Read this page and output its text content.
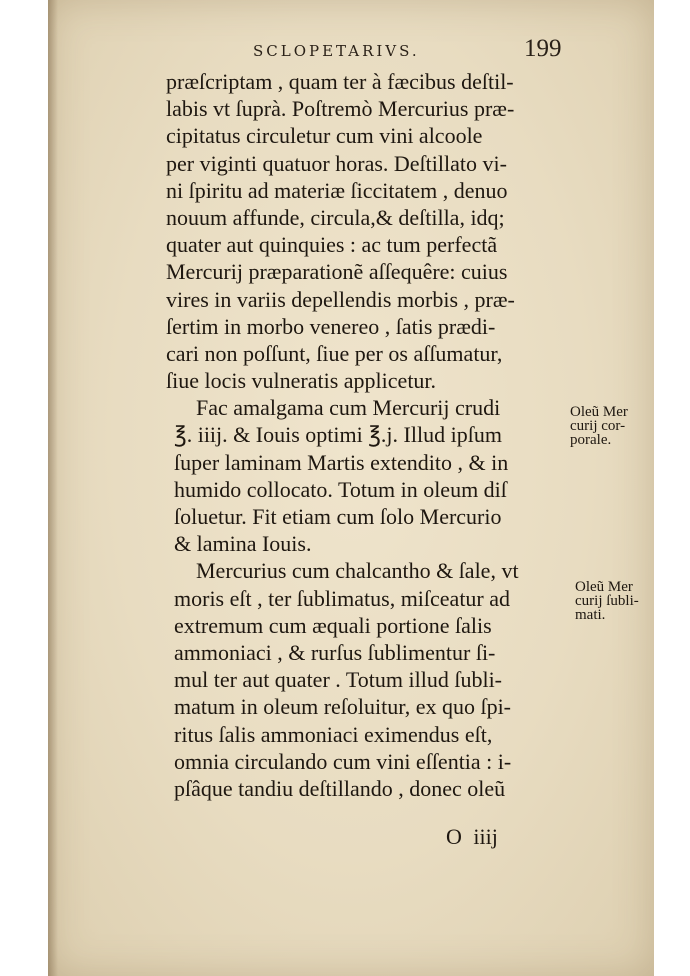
SCLOPETARIVS.	199
præſcriptam , quam ter à fæcibus deſtil-
labis vt ſuprà. Poſtremò Mercurius præ-
cipitatus circuletur cum vini alcoole
per viginti quatuor horas. Deſtillato vi-
ni ſpiritu ad materiæ ſiccitatem , denuo
nouum affunde, circula,& deſtilla, idq;
quater aut quinquies : ac tum perfectã
Mercurij præparationẽ aſſequêre: cuius
vires in variis depellendis morbis , præ-
ſertim in morbo venereo , ſatis prædi-
cari non poſſunt, ſiue per os aſſumatur,
ſiue locis vulneratis applicetur.
Fac amalgama cum Mercurij crudi
℥. iiij. & Iouis optimi ℥.j. Illud ipſum
ſuper laminam Martis extendito , & in
humido collocato. Totum in oleum diſ
ſoluetur. Fit etiam cum ſolo Mercurio
& lamina Iouis.
Mercurius cum chalcantho & ſale, vt
moris eſt , ter ſublimatus, miſceatur ad
extremum cum æquali portione ſalis
ammoniaci , & rurſus ſublimentur ſi-
mul ter aut quater . Totum illud ſubli-
matum in oleum reſoluitur, ex quo ſpi-
ritus ſalis ammoniaci eximendus eſt,
omnia circulando cum vini eſſentia : i-
pſâque tandiu deſtillando , donec oleũ
Oleũ Mer
curij cor-
porale.
Oleũ Mer
curij ſubli-
mati.
O iiij
